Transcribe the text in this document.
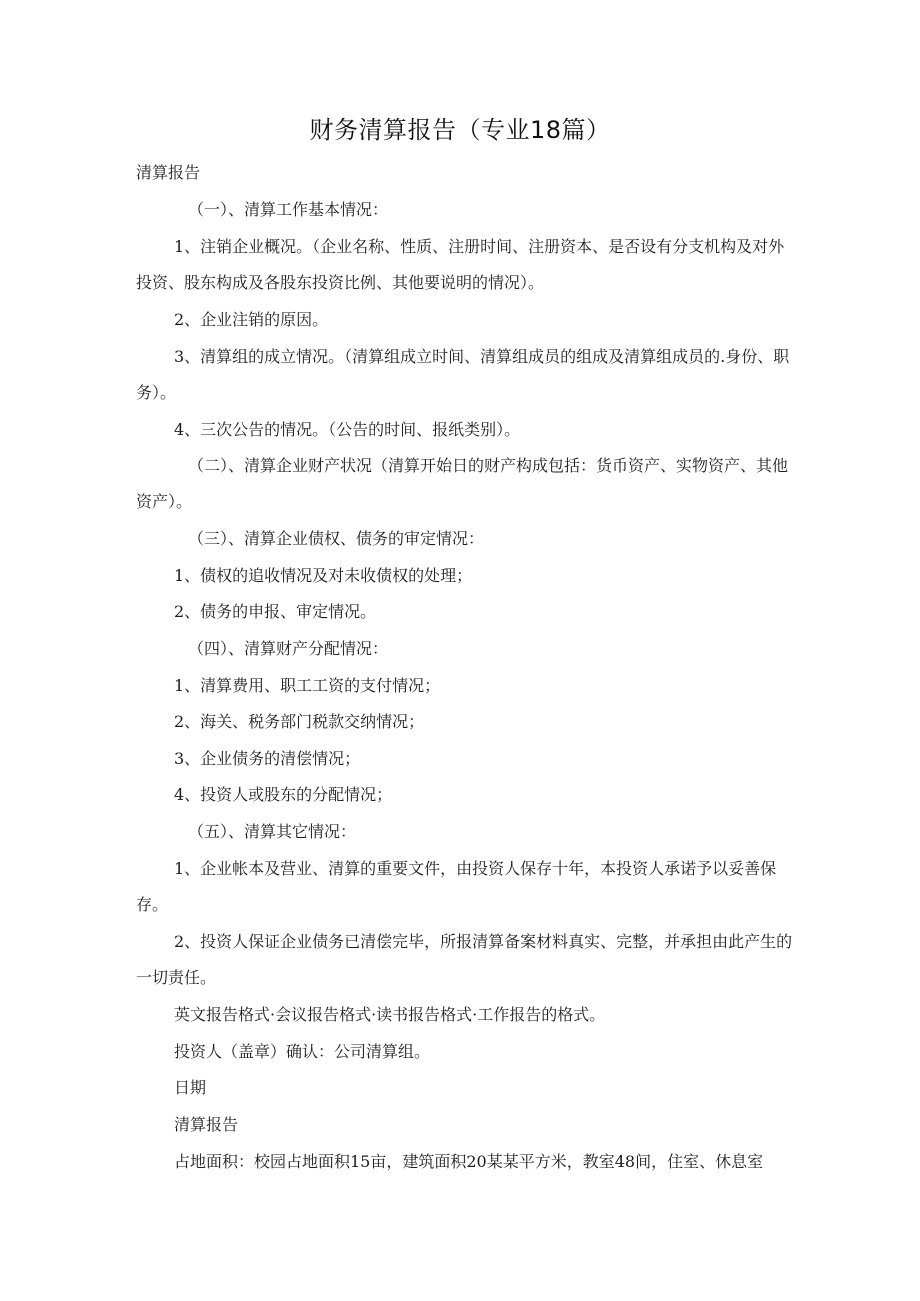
财务清算报告（专业18篇）
清算报告
（一）、清算工作基本情况：
1、注销企业概况。（企业名称、性质、注册时间、注册资本、是否设有分支机构及对外
投资、股东构成及各股东投资比例、其他要说明的情况）。
2、企业注销的原因。
3、清算组的成立情况。（清算组成立时间、清算组成员的组成及清算组成员的.身份、职
务）。
4、三次公告的情况。（公告的时间、报纸类别）。
（二）、清算企业财产状况（清算开始日的财产构成包括：货币资产、实物资产、其他
资产）。
（三）、清算企业债权、债务的审定情况：
1、债权的追收情况及对未收债权的处理；
2、债务的申报、审定情况。
（四）、清算财产分配情况：
1、清算费用、职工工资的支付情况；
2、海关、税务部门税款交纳情况；
3、企业债务的清偿情况；
4、投资人或股东的分配情况；
（五）、清算其它情况：
1、企业帐本及营业、清算的重要文件，由投资人保存十年，本投资人承诺予以妥善保
存。
2、投资人保证企业债务已清偿完毕，所报清算备案材料真实、完整，并承担由此产生的
一切责任。
英文报告格式·会议报告格式·读书报告格式·工作报告的格式。
投资人（盖章）确认：公司清算组。
日期
清算报告
占地面积：校园占地面积15亩，建筑面积20某某平方米，教室48间，住室、休息室
